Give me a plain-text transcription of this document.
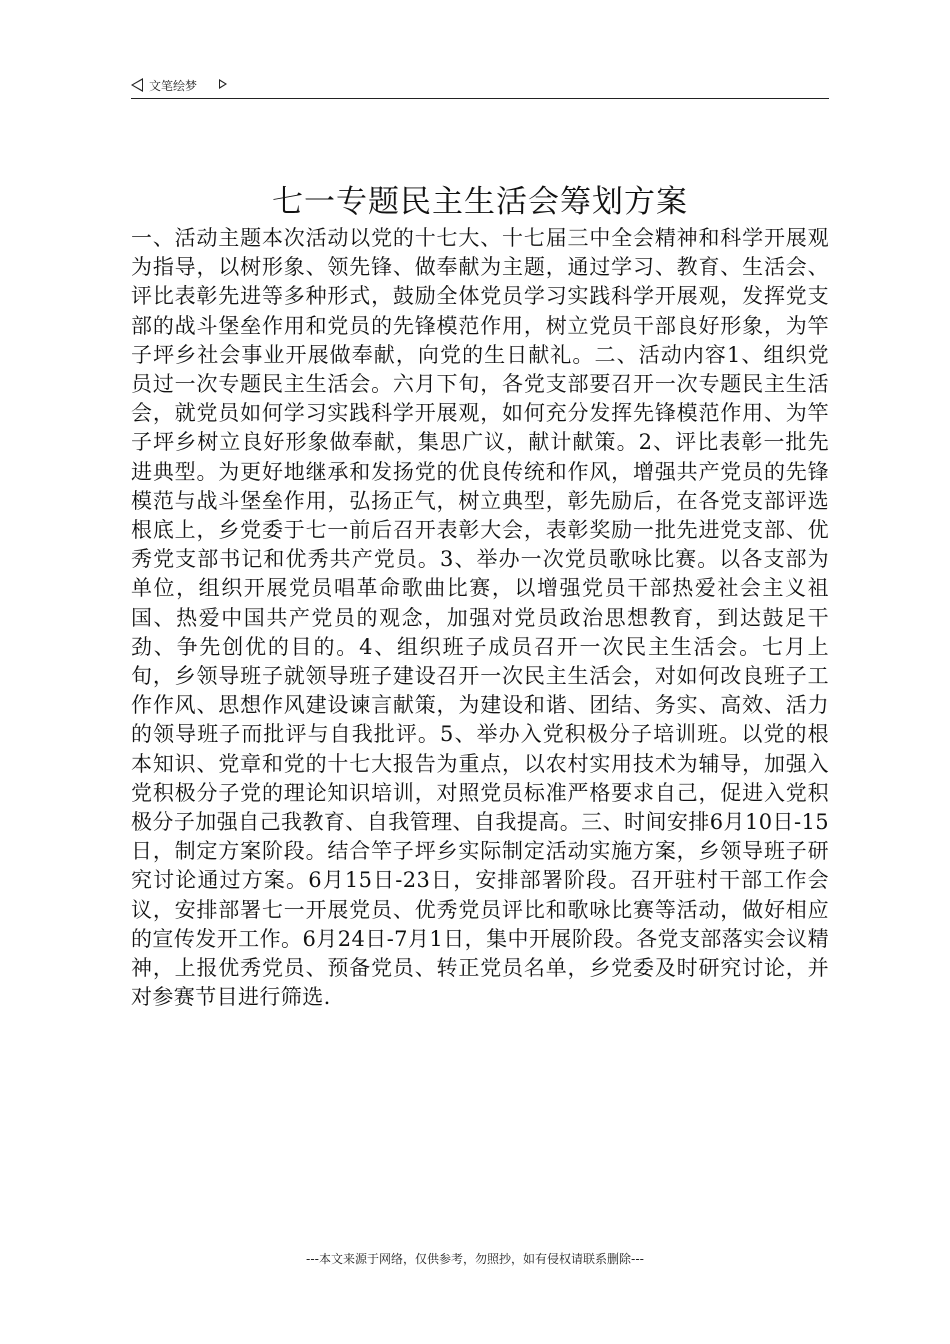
文笔绘梦
七一专题民主生活会筹划方案

一、活动主题本次活动以党的十七大、十七届三中全会精神和科学开展观为指导，以树形象、领先锋、做奉献为主题，通过学习、教育、生活会、评比表彰先进等多种形式，鼓励全体党员学习实践科学开展观，发挥党支部的战斗堡垒作用和党员的先锋模范作用，树立党员干部良好形象，为竿子坪乡社会事业开展做奉献，向党的生日献礼。二、活动内容1、组织党员过一次专题民主生活会。六月下旬，各党支部要召开一次专题民主生活会，就党员如何学习实践科学开展观，如何充分发挥先锋模范作用、为竿子坪乡树立良好形象做奉献，集思广议，献计献策。2、评比表彰一批先进典型。为更好地继承和发扬党的优良传统和作风，增强共产党员的先锋模范与战斗堡垒作用，弘扬正气，树立典型，彰先励后，在各党支部评选根底上，乡党委于七一前后召开表彰大会，表彰奖励一批先进党支部、优秀党支部书记和优秀共产党员。3、举办一次党员歌咏比赛。以各支部为单位，组织开展党员唱革命歌曲比赛，以增强党员干部热爱社会主义祖国、热爱中国共产党员的观念，加强对党员政治思想教育，到达鼓足干劲、争先创优的目的。4、组织班子成员召开一次民主生活会。七月上旬，乡领导班子就领导班子建设召开一次民主生活会，对如何改良班子工作作风、思想作风建设谏言献策，为建设和谐、团结、务实、高效、活力的领导班子而批评与自我批评。5、举办入党积极分子培训班。以党的根本知识、党章和党的十七大报告为重点，以农村实用技术为辅导，加强入党积极分子党的理论知识培训，对照党员标准严格要求自己，促进入党积极分子加强自己我教育、自我管理、自我提高。三、时间安排6月10日-15日，制定方案阶段。结合竿子坪乡实际制定活动实施方案，乡领导班子研究讨论通过方案。6月15日-23日，安排部署阶段。召开驻村干部工作会议，安排部署七一开展党员、优秀党员评比和歌咏比赛等活动，做好相应的宣传发开工作。6月24日-7月1日，集中开展阶段。各党支部落实会议精神，上报优秀党员、预备党员、转正党员名单，乡党委及时研究讨论，并对参赛节目进行筛选.

---本文来源于网络，仅供参考，勿照抄，如有侵权请联系删除---
